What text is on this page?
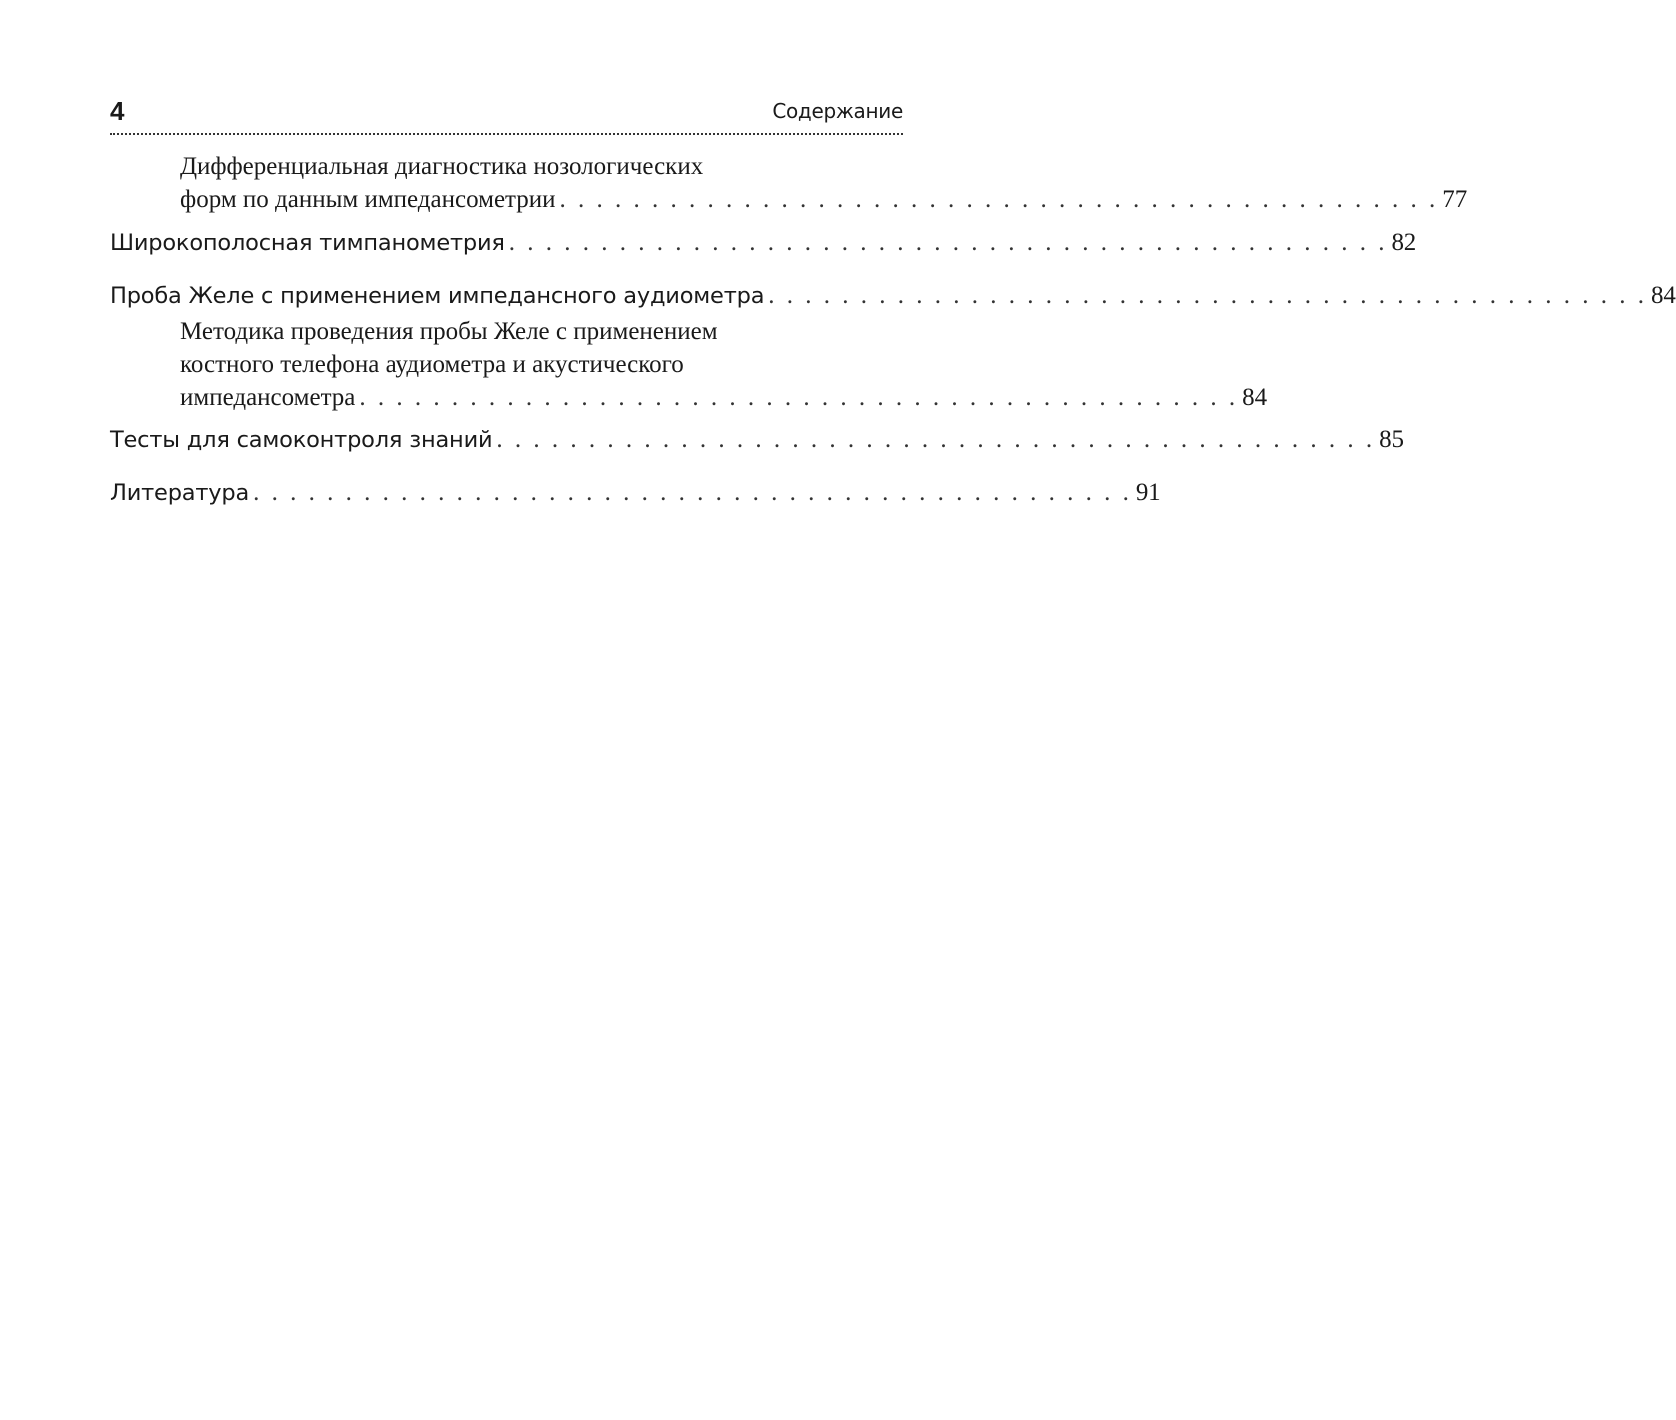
4	Содержание
Дифференциальная диагностика нозологических
форм по данным импедансометрии . . . . . . . . . . . . . . . . . . . . . . . . . . . . . . . . . . . . . . . . . . . . . . . . 77
Широкополосная тимпанометрия . . . . . . . . . . . . . . . . . . . . . . . . . . . . . . . . . . . . . . . . . . . . . . . . 82
Проба Желе с применением импедансного аудиометра . . . . . . . . . . . . . . . . . . . . . . . . . . . . . . . . . . . . . . . . . . . . . . . . 84
Методика проведения пробы Желе с применением
костного телефона аудиометра и акустического
импедансометра . . . . . . . . . . . . . . . . . . . . . . . . . . . . . . . . . . . . . . . . . . . . . . . . 84
Тесты для самоконтроля знаний . . . . . . . . . . . . . . . . . . . . . . . . . . . . . . . . . . . . . . . . . . . . . . . . 85
Литература . . . . . . . . . . . . . . . . . . . . . . . . . . . . . . . . . . . . . . . . . . . . . . . . 91
